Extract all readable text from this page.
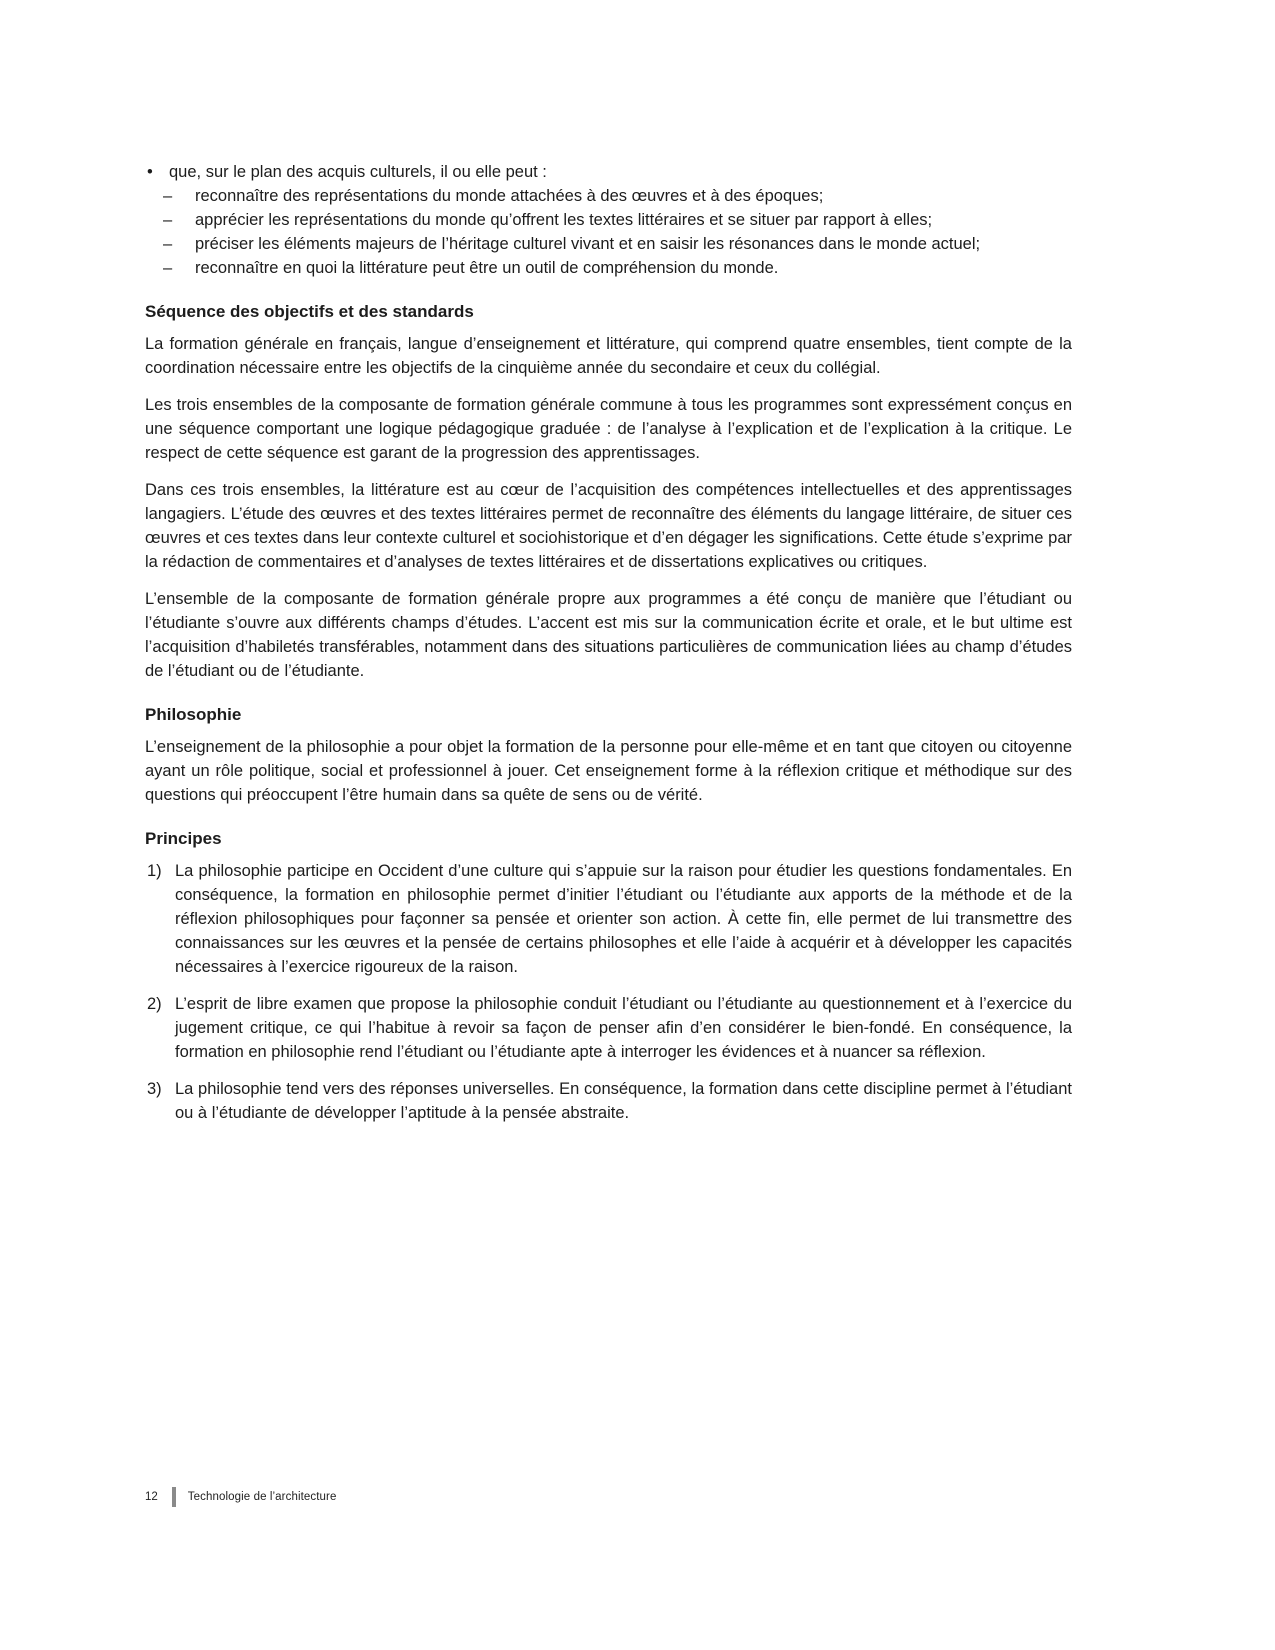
• que, sur le plan des acquis culturels, il ou elle peut :
– reconnaître des représentations du monde attachées à des œuvres et à des époques;
– apprécier les représentations du monde qu’offrent les textes littéraires et se situer par rapport à elles;
– préciser les éléments majeurs de l’héritage culturel vivant et en saisir les résonances dans le monde actuel;
– reconnaître en quoi la littérature peut être un outil de compréhension du monde.
Séquence des objectifs et des standards

La formation générale en français, langue d’enseignement et littérature, qui comprend quatre ensembles, tient compte de la coordination nécessaire entre les objectifs de la cinquième année du secondaire et ceux du collégial.

Les trois ensembles de la composante de formation générale commune à tous les programmes sont expressément conçus en une séquence comportant une logique pédagogique graduée : de l’analyse à l’explication et de l’explication à la critique. Le respect de cette séquence est garant de la progression des apprentissages.

Dans ces trois ensembles, la littérature est au cœur de l’acquisition des compétences intellectuelles et des apprentissages langagiers. L’étude des œuvres et des textes littéraires permet de reconnaître des éléments du langage littéraire, de situer ces œuvres et ces textes dans leur contexte culturel et sociohistorique et d’en dégager les significations. Cette étude s’exprime par la rédaction de commentaires et d’analyses de textes littéraires et de dissertations explicatives ou critiques.

L’ensemble de la composante de formation générale propre aux programmes a été conçu de manière que l’étudiant ou l’étudiante s’ouvre aux différents champs d’études. L’accent est mis sur la communication écrite et orale, et le but ultime est l’acquisition d’habiletés transférables, notamment dans des situations particulières de communication liées au champ d’études de l’étudiant ou de l’étudiante.

Philosophie

L’enseignement de la philosophie a pour objet la formation de la personne pour elle-même et en tant que citoyen ou citoyenne ayant un rôle politique, social et professionnel à jouer. Cet enseignement forme à la réflexion critique et méthodique sur des questions qui préoccupent l’être humain dans sa quête de sens ou de vérité.

Principes
1) La philosophie participe en Occident d’une culture qui s’appuie sur la raison pour étudier les questions fondamentales. En conséquence, la formation en philosophie permet d’initier l’étudiant ou l’étudiante aux apports de la méthode et de la réflexion philosophiques pour façonner sa pensée et orienter son action. À cette fin, elle permet de lui transmettre des connaissances sur les œuvres et la pensée de certains philosophes et elle l’aide à acquérir et à développer les capacités nécessaires à l’exercice rigoureux de la raison.
2) L’esprit de libre examen que propose la philosophie conduit l’étudiant ou l’étudiante au questionnement et à l’exercice du jugement critique, ce qui l’habitue à revoir sa façon de penser afin d’en considérer le bien-fondé. En conséquence, la formation en philosophie rend l’étudiant ou l’étudiante apte à interroger les évidences et à nuancer sa réflexion.
3) La philosophie tend vers des réponses universelles. En conséquence, la formation dans cette discipline permet à l’étudiant ou à l’étudiante de développer l’aptitude à la pensée abstraite.
12	Technologie de l’architecture
